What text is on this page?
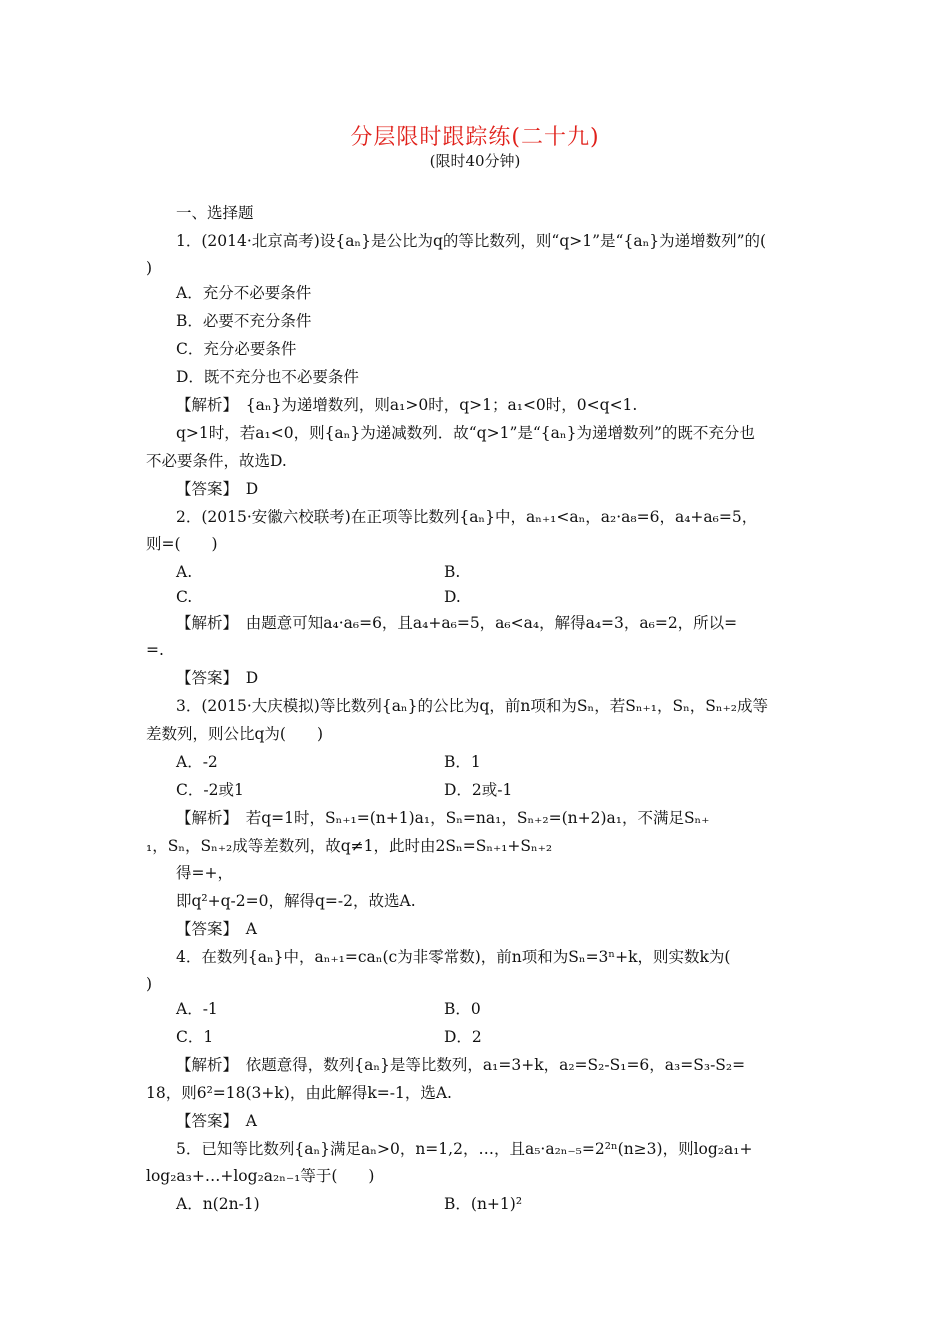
分层限时跟踪练(二十九)
(限时40分钟)
一、选择题
1．(2014·北京高考)设{aₙ}是公比为q的等比数列，则“q>1”是“{aₙ}为递增数列”的(
)
A．充分不必要条件
B．必要不充分条件
C．充分必要条件
D．既不充分也不必要条件
【解析】　{aₙ}为递增数列，则a₁>0时，q>1；a₁<0时，0<q<1.
q>1时，若a₁<0，则{aₙ}为递减数列．故“q>1”是“{aₙ}为递增数列”的既不充分也
不必要条件，故选D.
【答案】　D
2．(2015·安徽六校联考)在正项等比数列{aₙ}中，aₙ₊₁<aₙ，a₂·a₈=6，a₄+a₆=5，
则=(　　)
A.	B.
C.	D.
【解析】　由题意可知a₄·a₆=6，且a₄+a₆=5，a₆<a₄，解得a₄=3，a₆=2，所以=
=.
【答案】　D
3．(2015·大庆模拟)等比数列{aₙ}的公比为q，前n项和为Sₙ，若Sₙ₊₁，Sₙ，Sₙ₊₂成等
差数列，则公比q为(　　)
A．-2	B．1
C．-2或1	D．2或-1
【解析】　若q=1时，Sₙ₊₁=(n+1)a₁，Sₙ=na₁，Sₙ₊₂=(n+2)a₁，不满足Sₙ₊
₁，Sₙ，Sₙ₊₂成等差数列，故q≠1，此时由2Sₙ=Sₙ₊₁+Sₙ₊₂
得=+，
即q²+q-2=0，解得q=-2，故选A.
【答案】　A
4．在数列{aₙ}中，aₙ₊₁=caₙ(c为非零常数)，前n项和为Sₙ=3ⁿ+k，则实数k为(
)
A．-1	B．0
C．1	D．2
【解析】　依题意得，数列{aₙ}是等比数列，a₁=3+k，a₂=S₂-S₁=6，a₃=S₃-S₂=
18，则6²=18(3+k)，由此解得k=-1，选A.
【答案】　A
5．已知等比数列{aₙ}满足aₙ>0，n=1,2，…，且a₅·a₂ₙ₋₅=2²ⁿ(n≥3)，则log₂a₁+
log₂a₃+…+log₂a₂ₙ₋₁等于(　　)
A．n(2n-1)	B．(n+1)²
